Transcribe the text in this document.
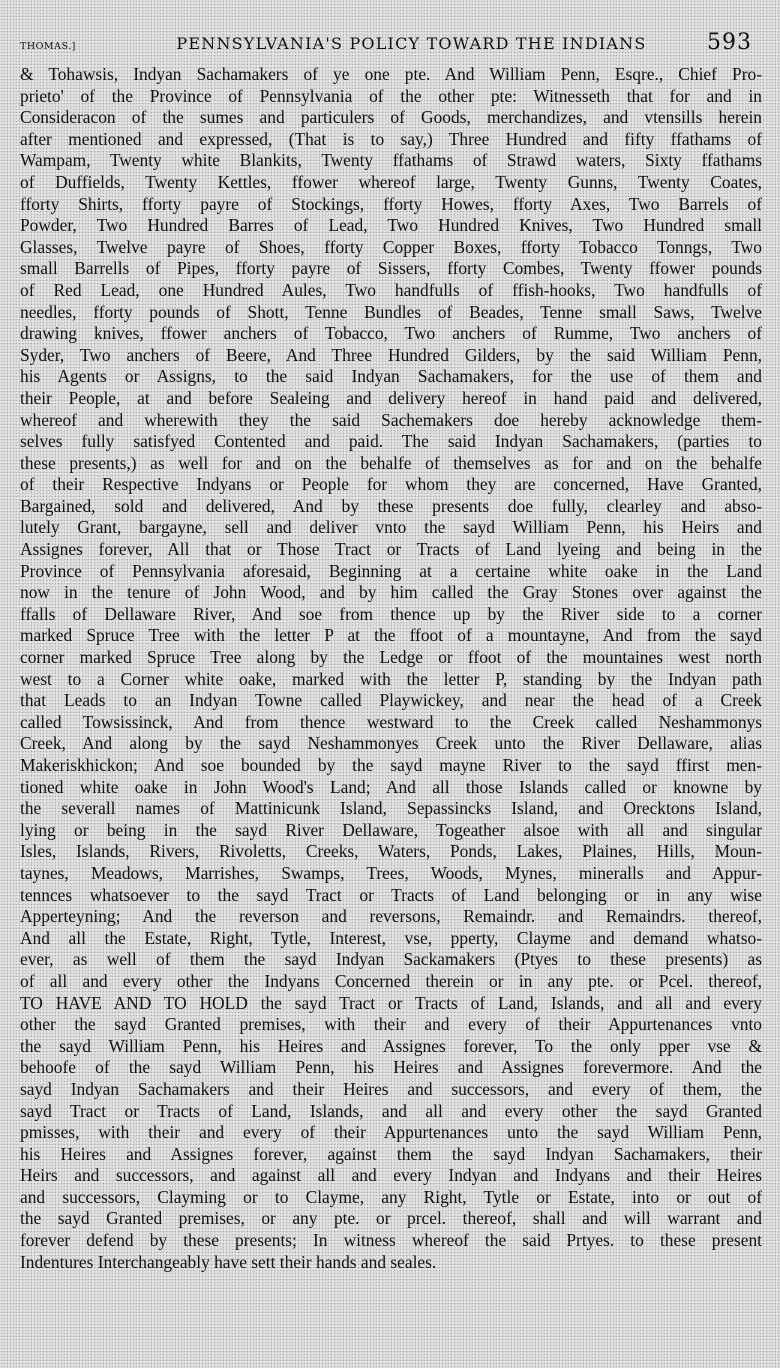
THOMAS.]	PENNSYLVANIA'S POLICY TOWARD THE INDIANS	593
& Tohawsis, Indyan Sachamakers of ye one pte. And William Penn, Esqre., Chief Pro-
prieto' of the Province of Pennsylvania of the other pte: Witnesseth that for and in
Consideracon of the sumes and particulers of Goods, merchandizes, and vtensills herein
after mentioned and expressed, (That is to say,) Three Hundred and fifty ffathams of
Wampam, Twenty white Blankits, Twenty ffathams of Strawd waters, Sixty ffathams
of Duffields, Twenty Kettles, ffower whereof large, Twenty Gunns, Twenty Coates,
fforty Shirts, fforty payre of Stockings, fforty Howes, fforty Axes, Two Barrels of
Powder, Two Hundred Barres of Lead, Two Hundred Knives, Two Hundred small
Glasses, Twelve payre of Shoes, fforty Copper Boxes, fforty Tobacco Tonngs, Two
small Barrells of Pipes, fforty payre of Sissers, fforty Combes, Twenty ffower pounds
of Red Lead, one Hundred Aules, Two handfulls of ffish-hooks, Two handfulls of
needles, fforty pounds of Shott, Tenne Bundles of Beades, Tenne small Saws, Twelve
drawing knives, ffower anchers of Tobacco, Two anchers of Rumme, Two anchers of
Syder, Two anchers of Beere, And Three Hundred Gilders, by the said William Penn,
his Agents or Assigns, to the said Indyan Sachamakers, for the use of them and
their People, at and before Sealeing and delivery hereof in hand paid and delivered,
whereof and wherewith they the said Sachemakers doe hereby acknowledge them-
selves fully satisfyed Contented and paid. The said Indyan Sachamakers, (parties to
these presents,) as well for and on the behalfe of themselves as for and on the behalfe
of their Respective Indyans or People for whom they are concerned, Have Granted,
Bargained, sold and delivered, And by these presents doe fully, clearley and abso-
lutely Grant, bargayne, sell and deliver vnto the sayd William Penn, his Heirs and
Assignes forever, All that or Those Tract or Tracts of Land lyeing and being in the
Province of Pennsylvania aforesaid, Beginning at a certaine white oake in the Land
now in the tenure of John Wood, and by him called the Gray Stones over against the
ffalls of Dellaware River, And soe from thence up by the River side to a corner
marked Spruce Tree with the letter P at the ffoot of a mountayne, And from the sayd
corner marked Spruce Tree along by the Ledge or ffoot of the mountaines west north
west to a Corner white oake, marked with the letter P, standing by the Indyan path
that Leads to an Indyan Towne called Playwickey, and near the head of a Creek
called Towsissinck, And from thence westward to the Creek called Neshammonys
Creek, And along by the sayd Neshammonyes Creek unto the River Dellaware, alias
Makeriskhickon; And soe bounded by the sayd mayne River to the sayd ffirst men-
tioned white oake in John Wood's Land; And all those Islands called or knowne by
the severall names of Mattinicunk Island, Sepassincks Island, and Orecktons Island,
lying or being in the sayd River Dellaware, Togeather alsoe with all and singular
Isles, Islands, Rivers, Rivoletts, Creeks, Waters, Ponds, Lakes, Plaines, Hills, Moun-
taynes, Meadows, Marrishes, Swamps, Trees, Woods, Mynes, mineralls and Appur-
tennces whatsoever to the sayd Tract or Tracts of Land belonging or in any wise
Apperteyning; And the reverson and reversons, Remaindr. and Remaindrs. thereof,
And all the Estate, Right, Tytle, Interest, vse, pperty, Clayme and demand whatso-
ever, as well of them the sayd Indyan Sackamakers (Ptyes to these presents) as
of all and every other the Indyans Concerned therein or in any pte. or Pcel. thereof,
TO HAVE AND TO HOLD the sayd Tract or Tracts of Land, Islands, and all and every
other the sayd Granted premises, with their and every of their Appurtenances vnto
the sayd William Penn, his Heires and Assignes forever, To the only pper vse &
behoofe of the sayd William Penn, his Heires and Assignes forevermore. And the
sayd Indyan Sachamakers and their Heires and successors, and every of them, the
sayd Tract or Tracts of Land, Islands, and all and every other the sayd Granted
pmisses, with their and every of their Appurtenances unto the sayd William Penn,
his Heires and Assignes forever, against them the sayd Indyan Sachamakers, their
Heirs and successors, and against all and every Indyan and Indyans and their Heires
and successors, Clayming or to Clayme, any Right, Tytle or Estate, into or out of
the sayd Granted premises, or any pte. or prcel. thereof, shall and will warrant and
forever defend by these presents; In witness whereof the said Prtyes. to these present
Indentures Interchangeably have sett their hands and seales.
